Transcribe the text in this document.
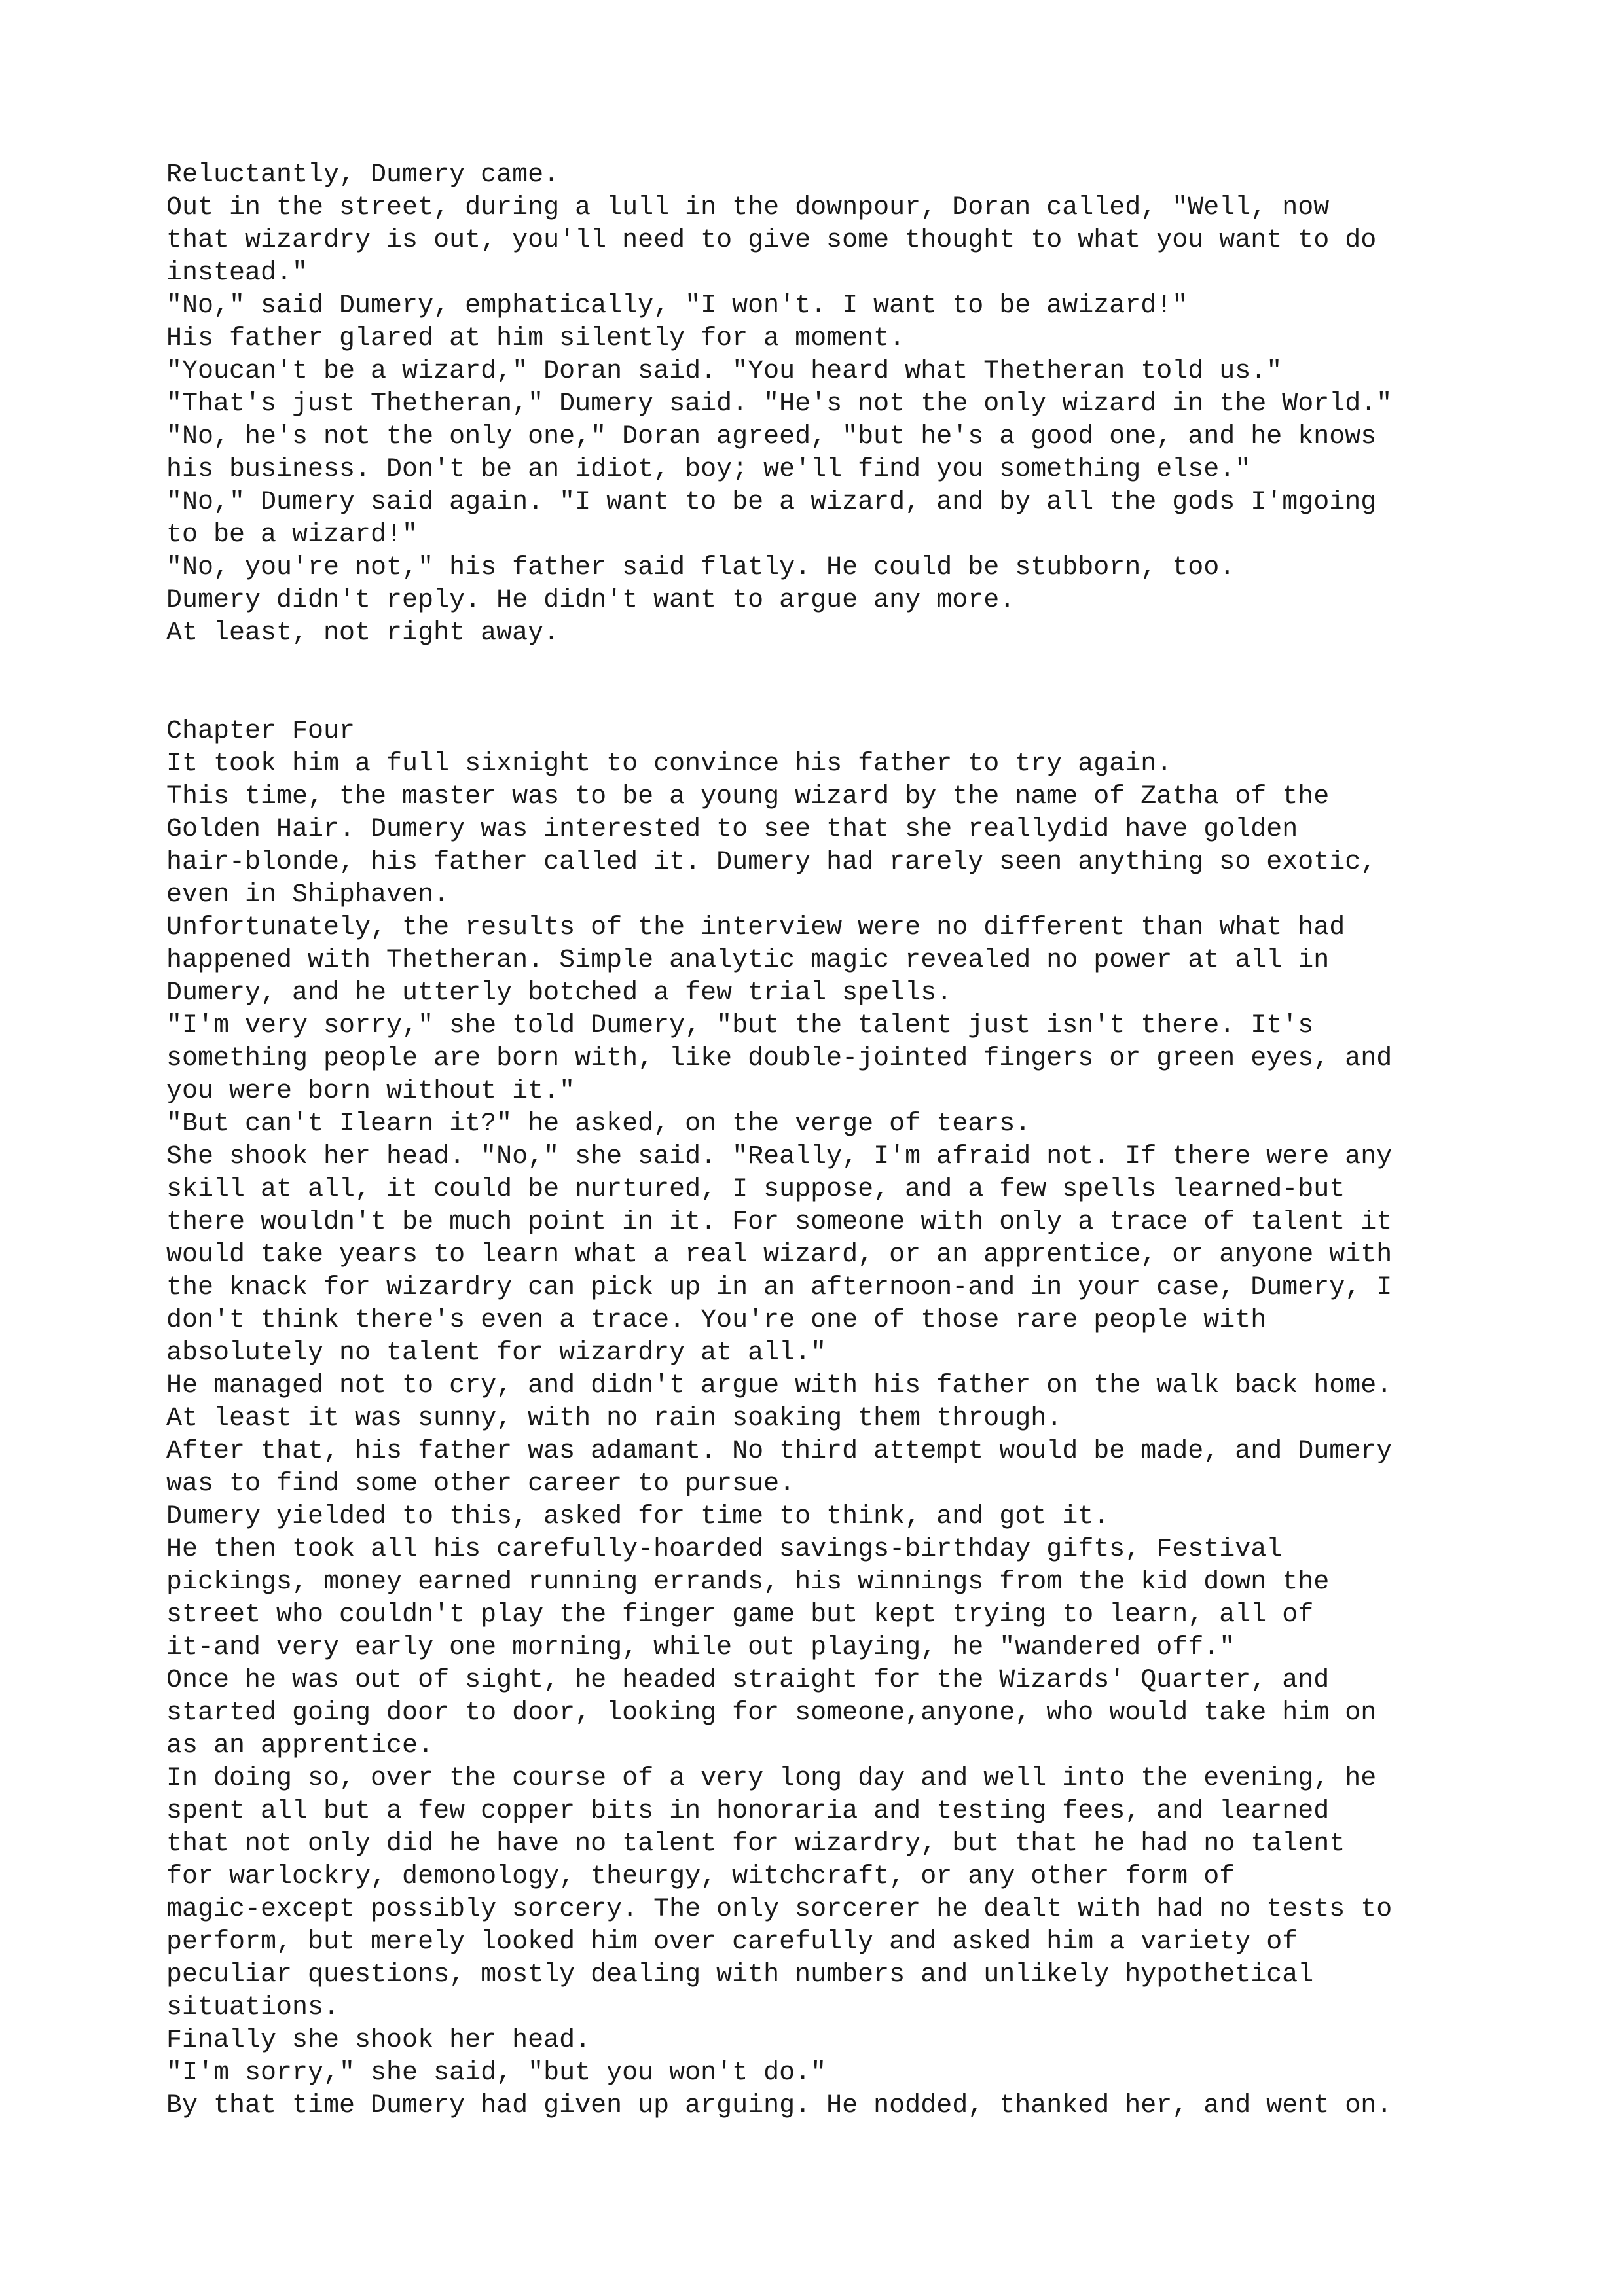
Reluctantly, Dumery came.

Out in the street, during a lull in the downpour, Doran called, "Well, now

that wizardry is out, you'll need to give some thought to what you want to do

instead."

"No," said Dumery, emphatically, "I won't. I want to be awizard!"

His father glared at him silently for a moment.

"Youcan't be a wizard," Doran said. "You heard what Thetheran told us."

"That's just Thetheran," Dumery said. "He's not the only wizard in the World."

"No, he's not the only one," Doran agreed, "but he's a good one, and he knows

his business. Don't be an idiot, boy; we'll find you something else."

"No," Dumery said again. "I want to be a wizard, and by all the gods I'mgoing

to be a wizard!"

"No, you're not," his father said flatly. He could be stubborn, too.

Dumery didn't reply. He didn't want to argue any more.

At least, not right away.

Chapter Four

It took him a full sixnight to convince his father to try again.

This time, the master was to be a young wizard by the name of Zatha of the

Golden Hair. Dumery was interested to see that she reallydid have golden

hair-blonde, his father called it. Dumery had rarely seen anything so exotic,

even in Shiphaven.

Unfortunately, the results of the interview were no different than what had

happened with Thetheran. Simple analytic magic revealed no power at all in

Dumery, and he utterly botched a few trial spells.

"I'm very sorry," she told Dumery, "but the talent just isn't there. It's

something people are born with, like double-jointed fingers or green eyes, and

you were born without it."

"But can't Ilearn it?" he asked, on the verge of tears.

She shook her head. "No," she said. "Really, I'm afraid not. If there were any

skill at all, it could be nurtured, I suppose, and a few spells learned-but

there wouldn't be much point in it. For someone with only a trace of talent it

would take years to learn what a real wizard, or an apprentice, or anyone with

the knack for wizardry can pick up in an afternoon-and in your case, Dumery, I

don't think there's even a trace. You're one of those rare people with

absolutely no talent for wizardry at all."

He managed not to cry, and didn't argue with his father on the walk back home.

At least it was sunny, with no rain soaking them through.

After that, his father was adamant. No third attempt would be made, and Dumery

was to find some other career to pursue.

Dumery yielded to this, asked for time to think, and got it.

He then took all his carefully-hoarded savings-birthday gifts, Festival

pickings, money earned running errands, his winnings from the kid down the

street who couldn't play the finger game but kept trying to learn, all of

it-and very early one morning, while out playing, he "wandered off."

Once he was out of sight, he headed straight for the Wizards' Quarter, and

started going door to door, looking for someone,anyone, who would take him on

as an apprentice.

In doing so, over the course of a very long day and well into the evening, he

spent all but a few copper bits in honoraria and testing fees, and learned

that not only did he have no talent for wizardry, but that he had no talent

for warlockry, demonology, theurgy, witchcraft, or any other form of

magic-except possibly sorcery. The only sorcerer he dealt with had no tests to

perform, but merely looked him over carefully and asked him a variety of

peculiar questions, mostly dealing with numbers and unlikely hypothetical

situations.

Finally she shook her head.

"I'm sorry," she said, "but you won't do."

By that time Dumery had given up arguing. He nodded, thanked her, and went on.
